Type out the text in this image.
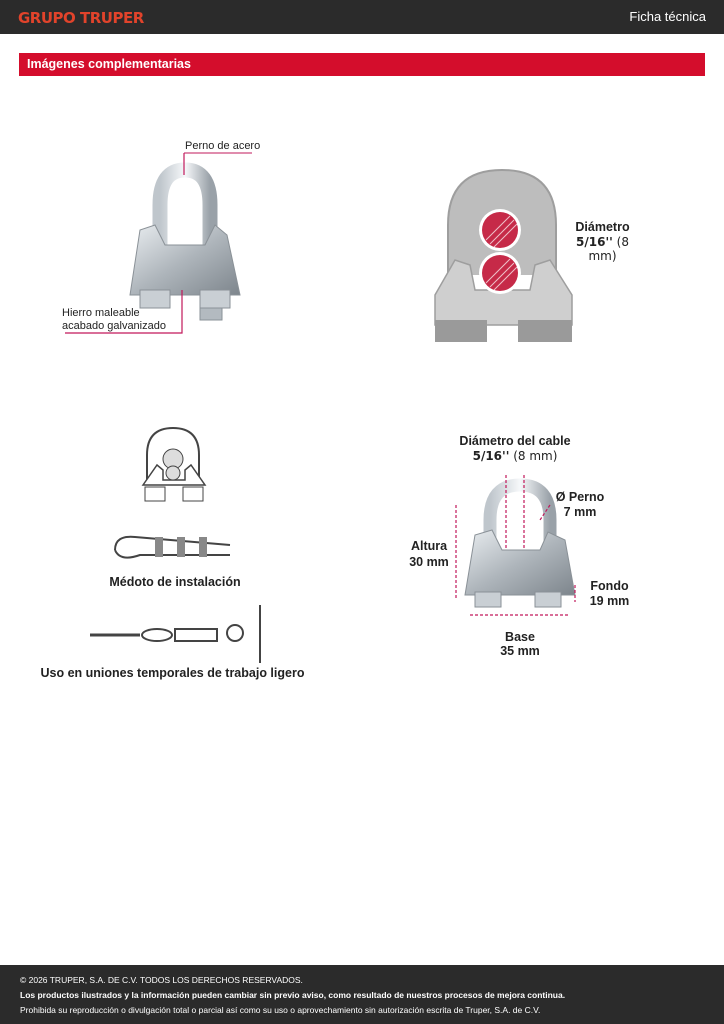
GRUPO TRUPER	Ficha técnica
Imágenes complementarias
Perno de acero
Hierro maleable
acabado galvanizado
Diámetro
5/16'' (8 mm)
Médoto de instalación
Uso en uniones temporales de trabajo ligero
Diámetro del cable
5/16'' (8 mm)
Ø Perno
7 mm
Altura
30 mm
Fondo
19 mm
Base
35 mm
© 2026 TRUPER, S.A. DE C.V. TODOS LOS DERECHOS RESERVADOS.
Los productos ilustrados y la información pueden cambiar sin previo aviso, como resultado de nuestros procesos de mejora continua.
Prohibida su reproducción o divulgación total o parcial así como su uso o aprovechamiento sin autorización escrita de Truper, S.A. de C.V.
